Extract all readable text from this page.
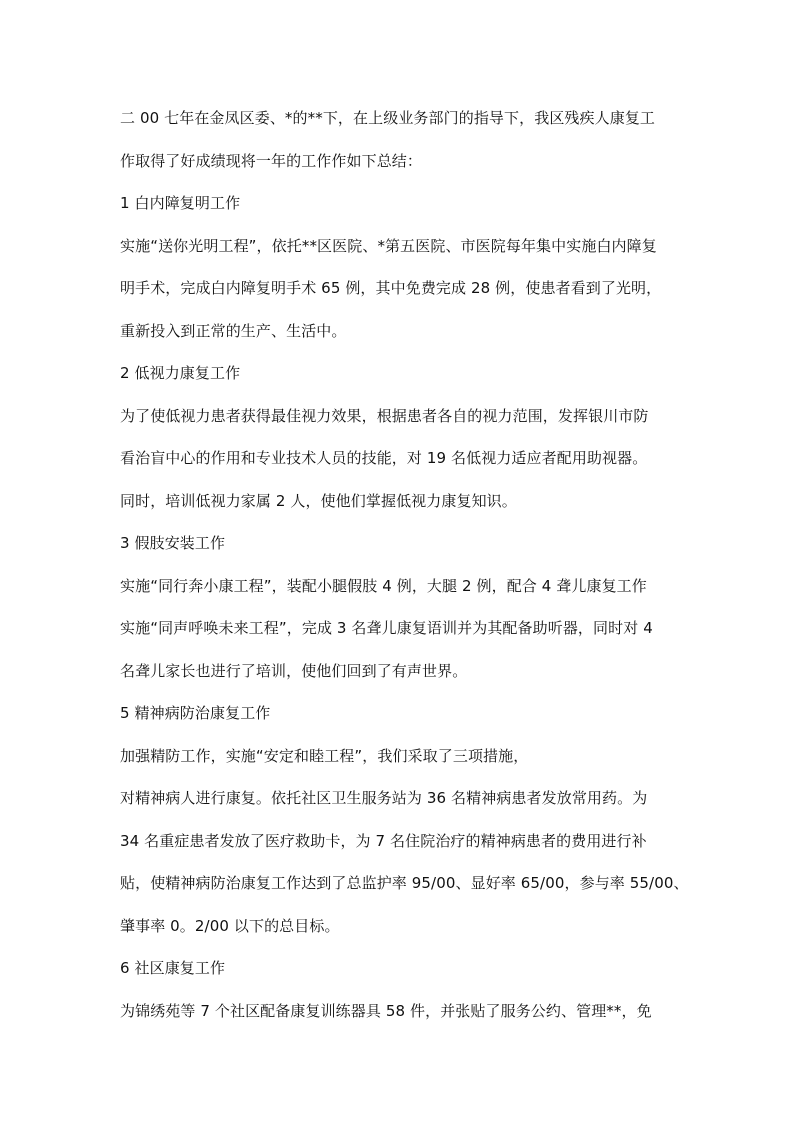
二 00 七年在金凤区委、*的**下，在上级业务部门的指导下，我区残疾人康复工

作取得了好成绩现将一年的工作作如下总结：

1 白内障复明工作

实施“送你光明工程”，依托**区医院、*第五医院、市医院每年集中实施白内障复

明手术，完成白内障复明手术 65 例，其中免费完成 28 例，使患者看到了光明，

重新投入到正常的生产、生活中。

2 低视力康复工作

为了使低视力患者获得最佳视力效果，根据患者各自的视力范围，发挥银川市防

看治盲中心的作用和专业技术人员的技能，对 19 名低视力适应者配用助视器。

同时，培训低视力家属 2 人，使他们掌握低视力康复知识。

3 假肢安装工作

实施“同行奔小康工程”，装配小腿假肢 4 例，大腿 2 例，配合 4 聋儿康复工作

实施“同声呼唤未来工程”，完成 3 名聋儿康复语训并为其配备助听器，同时对 4

名聋儿家长也进行了培训，使他们回到了有声世界。

5 精神病防治康复工作

加强精防工作，实施“安定和睦工程”，我们采取了三项措施，

对精神病人进行康复。依托社区卫生服务站为 36 名精神病患者发放常用药。为

34 名重症患者发放了医疗救助卡，为 7 名住院治疗的精神病患者的费用进行补

贴，使精神病防治康复工作达到了总监护率 95/00、显好率 65/00，参与率 55/00、

肇事率 0。2/00 以下的总目标。

6 社区康复工作

为锦绣苑等 7 个社区配备康复训练器具 58 件，并张贴了服务公约、管理**，免
